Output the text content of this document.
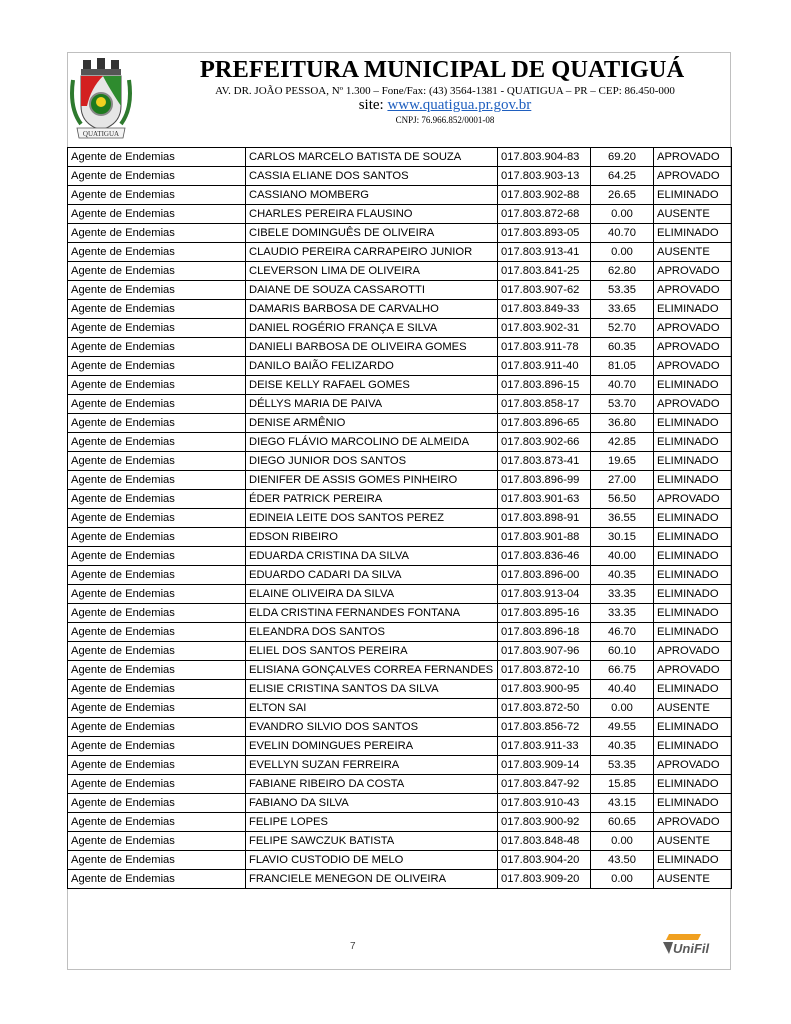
QUATIGUA
PREFEITURA MUNICIPAL DE QUATIGUÁ
AV. DR. JOÃO PESSOA, Nº 1.300 – Fone/Fax: (43) 3564-1381 - QUATIGUA – PR – CEP: 86.450-000
site: www.quatigua.pr.gov.br
CNPJ: 76.966.852/0001-08
Agente de Endemias	CARLOS MARCELO BATISTA DE SOUZA	017.803.904-83	69.20	APROVADO
Agente de Endemias	CASSIA ELIANE DOS SANTOS	017.803.903-13	64.25	APROVADO
Agente de Endemias	CASSIANO MOMBERG	017.803.902-88	26.65	ELIMINADO
Agente de Endemias	CHARLES PEREIRA FLAUSINO	017.803.872-68	0.00	AUSENTE
Agente de Endemias	CIBELE DOMINGUÊS DE OLIVEIRA	017.803.893-05	40.70	ELIMINADO
Agente de Endemias	CLAUDIO PEREIRA CARRAPEIRO JUNIOR	017.803.913-41	0.00	AUSENTE
Agente de Endemias	CLEVERSON LIMA DE OLIVEIRA	017.803.841-25	62.80	APROVADO
Agente de Endemias	DAIANE DE SOUZA CASSAROTTI	017.803.907-62	53.35	APROVADO
Agente de Endemias	DAMARIS BARBOSA DE CARVALHO	017.803.849-33	33.65	ELIMINADO
Agente de Endemias	DANIEL ROGÉRIO FRANÇA E SILVA	017.803.902-31	52.70	APROVADO
Agente de Endemias	DANIELI BARBOSA DE OLIVEIRA GOMES	017.803.911-78	60.35	APROVADO
Agente de Endemias	DANILO BAIÃO FELIZARDO	017.803.911-40	81.05	APROVADO
Agente de Endemias	DEISE KELLY RAFAEL GOMES	017.803.896-15	40.70	ELIMINADO
Agente de Endemias	DÉLLYS MARIA DE PAIVA	017.803.858-17	53.70	APROVADO
Agente de Endemias	DENISE ARMÊNIO	017.803.896-65	36.80	ELIMINADO
Agente de Endemias	DIEGO FLÁVIO MARCOLINO DE ALMEIDA	017.803.902-66	42.85	ELIMINADO
Agente de Endemias	DIEGO JUNIOR DOS SANTOS	017.803.873-41	19.65	ELIMINADO
Agente de Endemias	DIENIFER DE ASSIS GOMES PINHEIRO	017.803.896-99	27.00	ELIMINADO
Agente de Endemias	ÉDER PATRICK PEREIRA	017.803.901-63	56.50	APROVADO
Agente de Endemias	EDINEIA LEITE DOS SANTOS PEREZ	017.803.898-91	36.55	ELIMINADO
Agente de Endemias	EDSON RIBEIRO	017.803.901-88	30.15	ELIMINADO
Agente de Endemias	EDUARDA CRISTINA DA SILVA	017.803.836-46	40.00	ELIMINADO
Agente de Endemias	EDUARDO CADARI DA SILVA	017.803.896-00	40.35	ELIMINADO
Agente de Endemias	ELAINE OLIVEIRA DA SILVA	017.803.913-04	33.35	ELIMINADO
Agente de Endemias	ELDA CRISTINA FERNANDES FONTANA	017.803.895-16	33.35	ELIMINADO
Agente de Endemias	ELEANDRA DOS SANTOS	017.803.896-18	46.70	ELIMINADO
Agente de Endemias	ELIEL DOS SANTOS PEREIRA	017.803.907-96	60.10	APROVADO
Agente de Endemias	ELISIANA GONÇALVES CORREA FERNANDES	017.803.872-10	66.75	APROVADO
Agente de Endemias	ELISIE CRISTINA SANTOS DA SILVA	017.803.900-95	40.40	ELIMINADO
Agente de Endemias	ELTON SAI	017.803.872-50	0.00	AUSENTE
Agente de Endemias	EVANDRO SILVIO DOS SANTOS	017.803.856-72	49.55	ELIMINADO
Agente de Endemias	EVELIN DOMINGUES PEREIRA	017.803.911-33	40.35	ELIMINADO
Agente de Endemias	EVELLYN SUZAN FERREIRA	017.803.909-14	53.35	APROVADO
Agente de Endemias	FABIANE RIBEIRO DA COSTA	017.803.847-92	15.85	ELIMINADO
Agente de Endemias	FABIANO DA SILVA	017.803.910-43	43.15	ELIMINADO
Agente de Endemias	FELIPE LOPES	017.803.900-92	60.65	APROVADO
Agente de Endemias	FELIPE SAWCZUK BATISTA	017.803.848-48	0.00	AUSENTE
Agente de Endemias	FLAVIO CUSTODIO DE MELO	017.803.904-20	43.50	ELIMINADO
Agente de Endemias	FRANCIELE MENEGON DE OLIVEIRA	017.803.909-20	0.00	AUSENTE
7	UniFil
